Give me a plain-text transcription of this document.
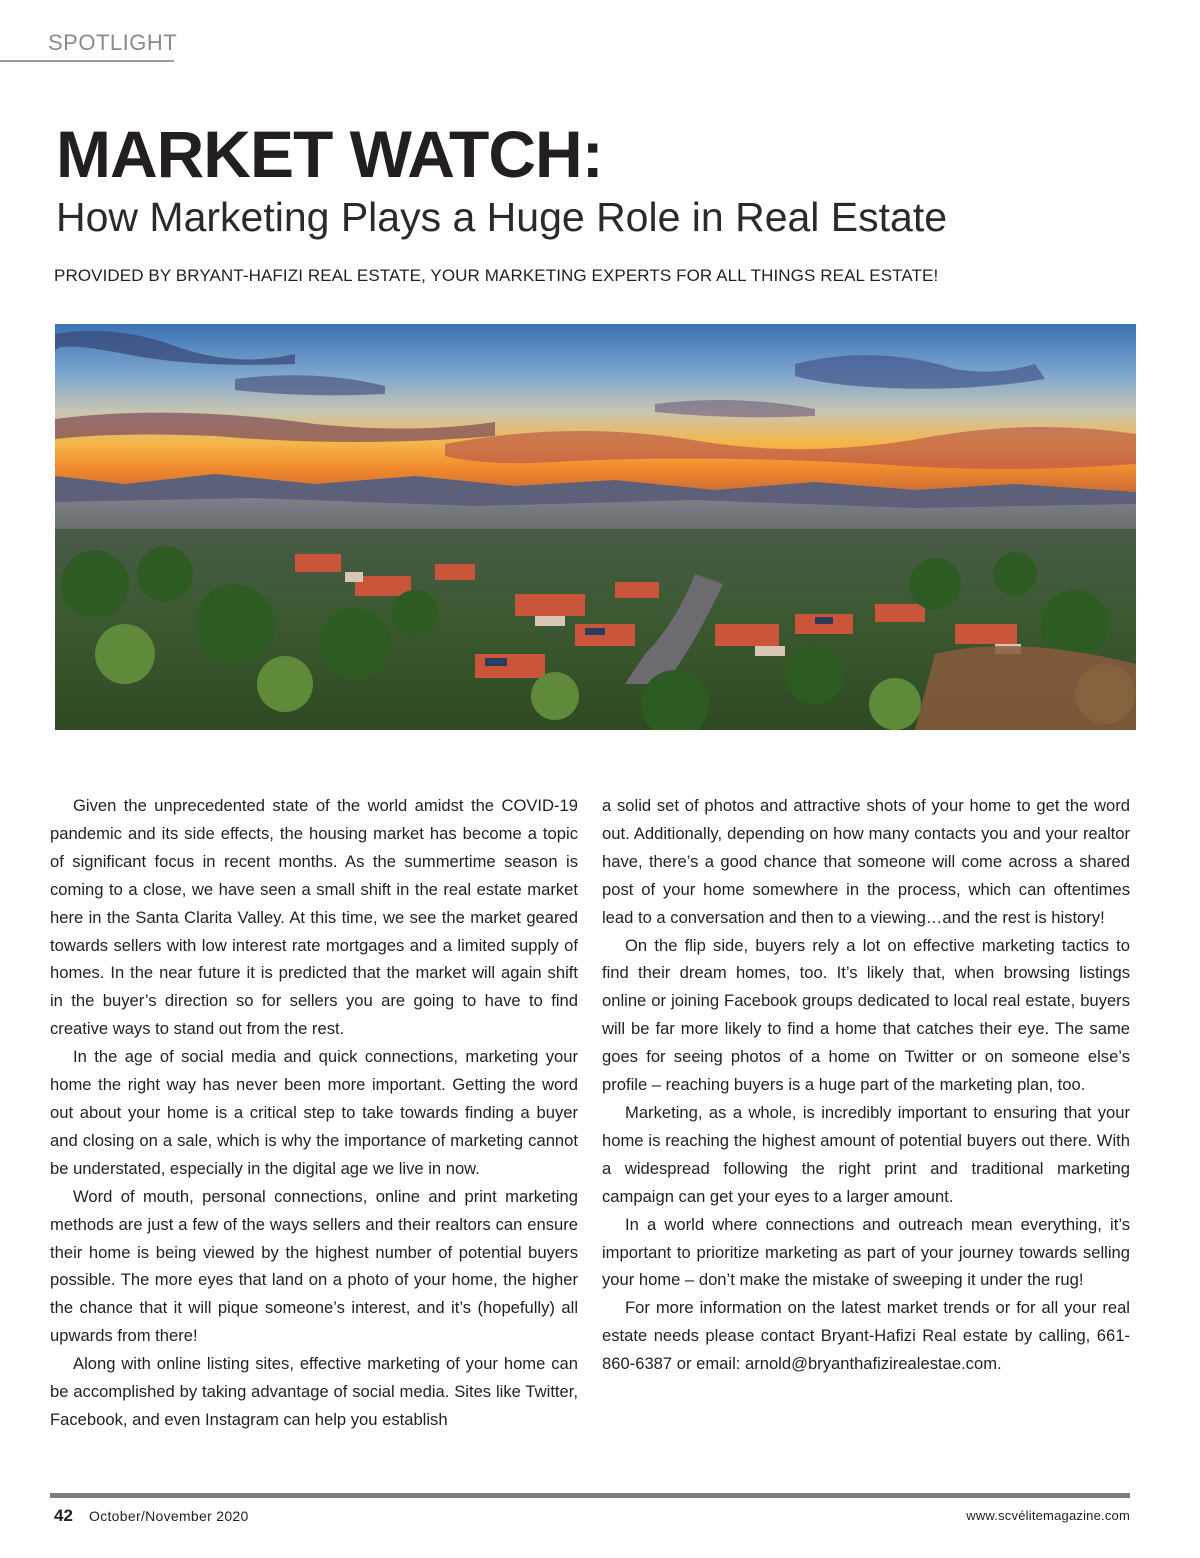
SPOTLIGHT
MARKET WATCH:
How Marketing Plays a Huge Role in Real Estate
PROVIDED BY BRYANT-HAFIZI REAL ESTATE, YOUR MARKETING EXPERTS FOR ALL THINGS REAL ESTATE!

Given the unprecedented state of the world amidst the COVID-19 pandemic and its side effects, the housing market has become a topic of significant focus in recent months. As the summertime season is coming to a close, we have seen a small shift in the real estate market here in the Santa Clarita Valley. At this time, we see the market geared towards sellers with low interest rate mortgages and a limited supply of homes. In the near future it is predicted that the market will again shift in the buyer’s direction so for sellers you are going to have to find creative ways to stand out from the rest.

In the age of social media and quick connections, marketing your home the right way has never been more important. Getting the word out about your home is a critical step to take towards finding a buyer and closing on a sale, which is why the importance of marketing cannot be understated, especially in the digital age we live in now.

Word of mouth, personal connections, online and print marketing methods are just a few of the ways sellers and their realtors can ensure their home is being viewed by the highest number of potential buyers possible. The more eyes that land on a photo of your home, the higher the chance that it will pique someone’s interest, and it’s (hopefully) all upwards from there!

Along with online listing sites, effective marketing of your home can be accomplished by taking advantage of social media. Sites like Twitter, Facebook, and even Instagram can help you establish

a solid set of photos and attractive shots of your home to get the word out. Additionally, depending on how many contacts you and your realtor have, there’s a good chance that someone will come across a shared post of your home somewhere in the process, which can oftentimes lead to a conversation and then to a viewing…and the rest is history!

On the flip side, buyers rely a lot on effective marketing tactics to find their dream homes, too. It’s likely that, when browsing listings online or joining Facebook groups dedicated to local real estate, buyers will be far more likely to find a home that catches their eye. The same goes for seeing photos of a home on Twitter or on someone else’s profile – reaching buyers is a huge part of the marketing plan, too.

Marketing, as a whole, is incredibly important to ensuring that your home is reaching the highest amount of potential buyers out there. With a widespread following the right print and traditional marketing campaign can get your eyes to a larger amount.

In a world where connections and outreach mean everything, it’s important to prioritize marketing as part of your journey towards selling your home – don’t make the mistake of sweeping it under the rug!

For more information on the latest market trends or for all your real estate needs please contact Bryant-Hafizi Real estate by calling, 661-860-6387 or email: arnold@bryanthafizirealestae.com.

42 October/November 2020	www.scvélitemagazine.com
